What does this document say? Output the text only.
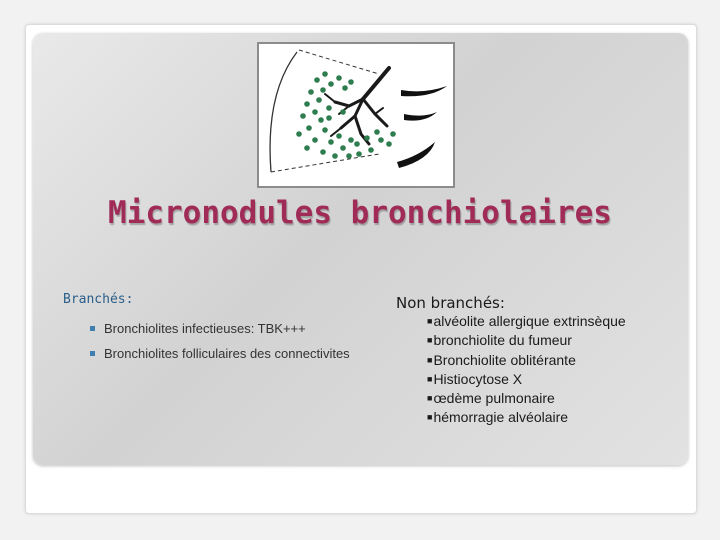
Micronodules bronchiolaires
Branchés:
Bronchiolites infectieuses: TBK+++
Bronchiolites folliculaires des connectivites
Non branchés:
■alvéolite allergique extrinsèque
■bronchiolite du fumeur
■Bronchiolite oblitérante
■Histiocytose X
■œdème pulmonaire
■hémorragie alvéolaire
